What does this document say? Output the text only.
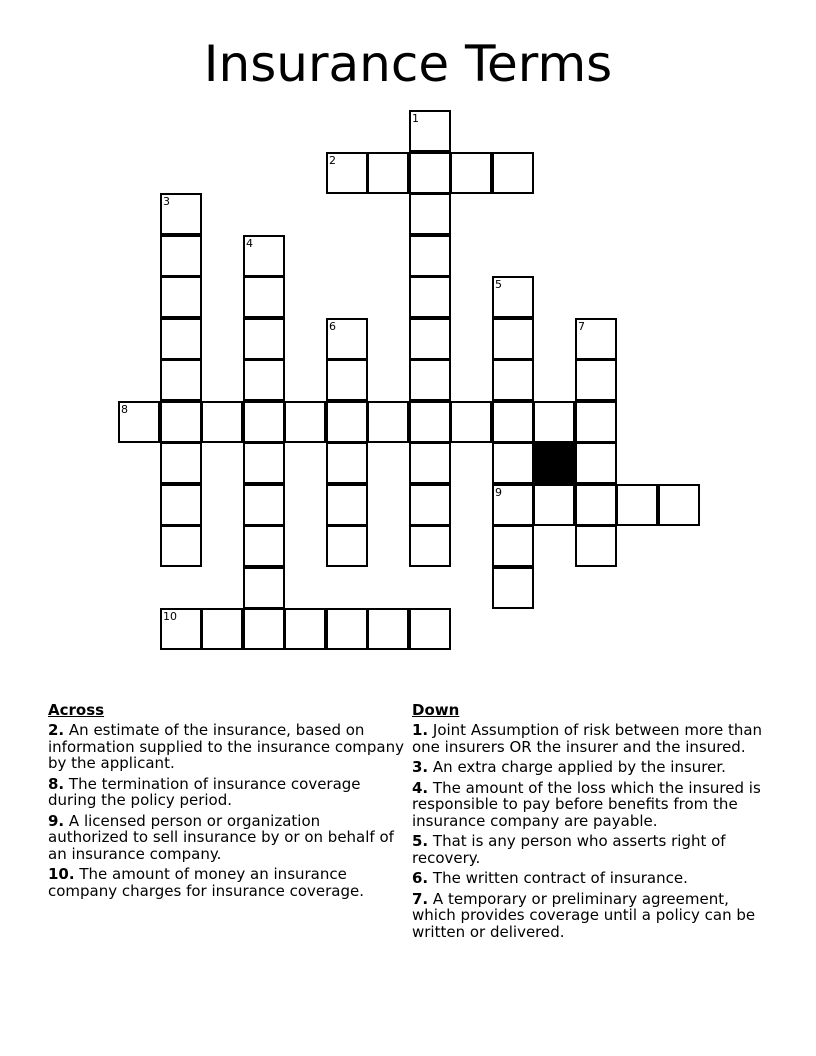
Insurance Terms
1
2
3
4
5
9
6	7
8
10
Across
2. An estimate of the insurance, based on information supplied to the insurance company by the applicant.
8. The termination of insurance coverage during the policy period.
9. A licensed person or organization authorized to sell insurance by or on behalf of an insurance company.
10. The amount of money an insurance company charges for insurance coverage.
Down
1. Joint Assumption of risk between more than one insurers OR the insurer and the insured.
3. An extra charge applied by the insurer.
4. The amount of the loss which the insured is responsible to pay before benefits from the insurance company are payable.
5. That is any person who asserts right of recovery.
6. The written contract of insurance.
7. A temporary or preliminary agreement, which provides coverage until a policy can be written or delivered.
